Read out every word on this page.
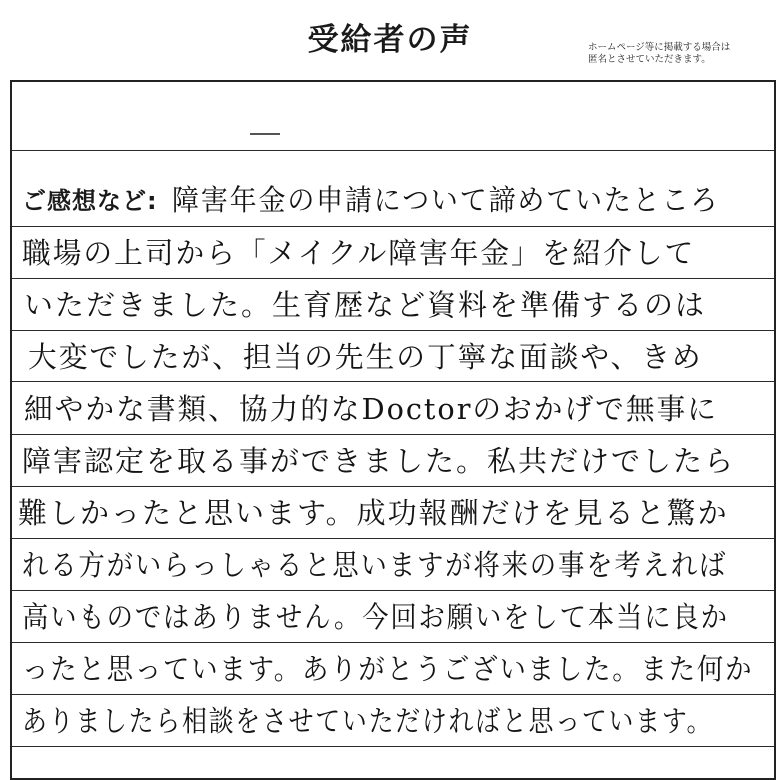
受給者の声	ホームページ等に掲載する場合は
匿名とさせていただきます。
ご感想など: 障害年金の申請について諦めていたところ
職場の上司から「メイクル障害年金」を紹介して
いただきました。生育歴など資料を準備するのは
大変でしたが、担当の先生の丁寧な面談や、きめ
細やかな書類、協力的なDoctorのおかげで無事に
障害認定を取る事ができました。私共だけでしたら
難しかったと思います。成功報酬だけを見ると驚か
れる方がいらっしゃると思いますが将来の事を考えれば
高いものではありません。今回お願いをして本当に良か
ったと思っています。ありがとうございました。また何か
ありましたら相談をさせていただければと思っています。
